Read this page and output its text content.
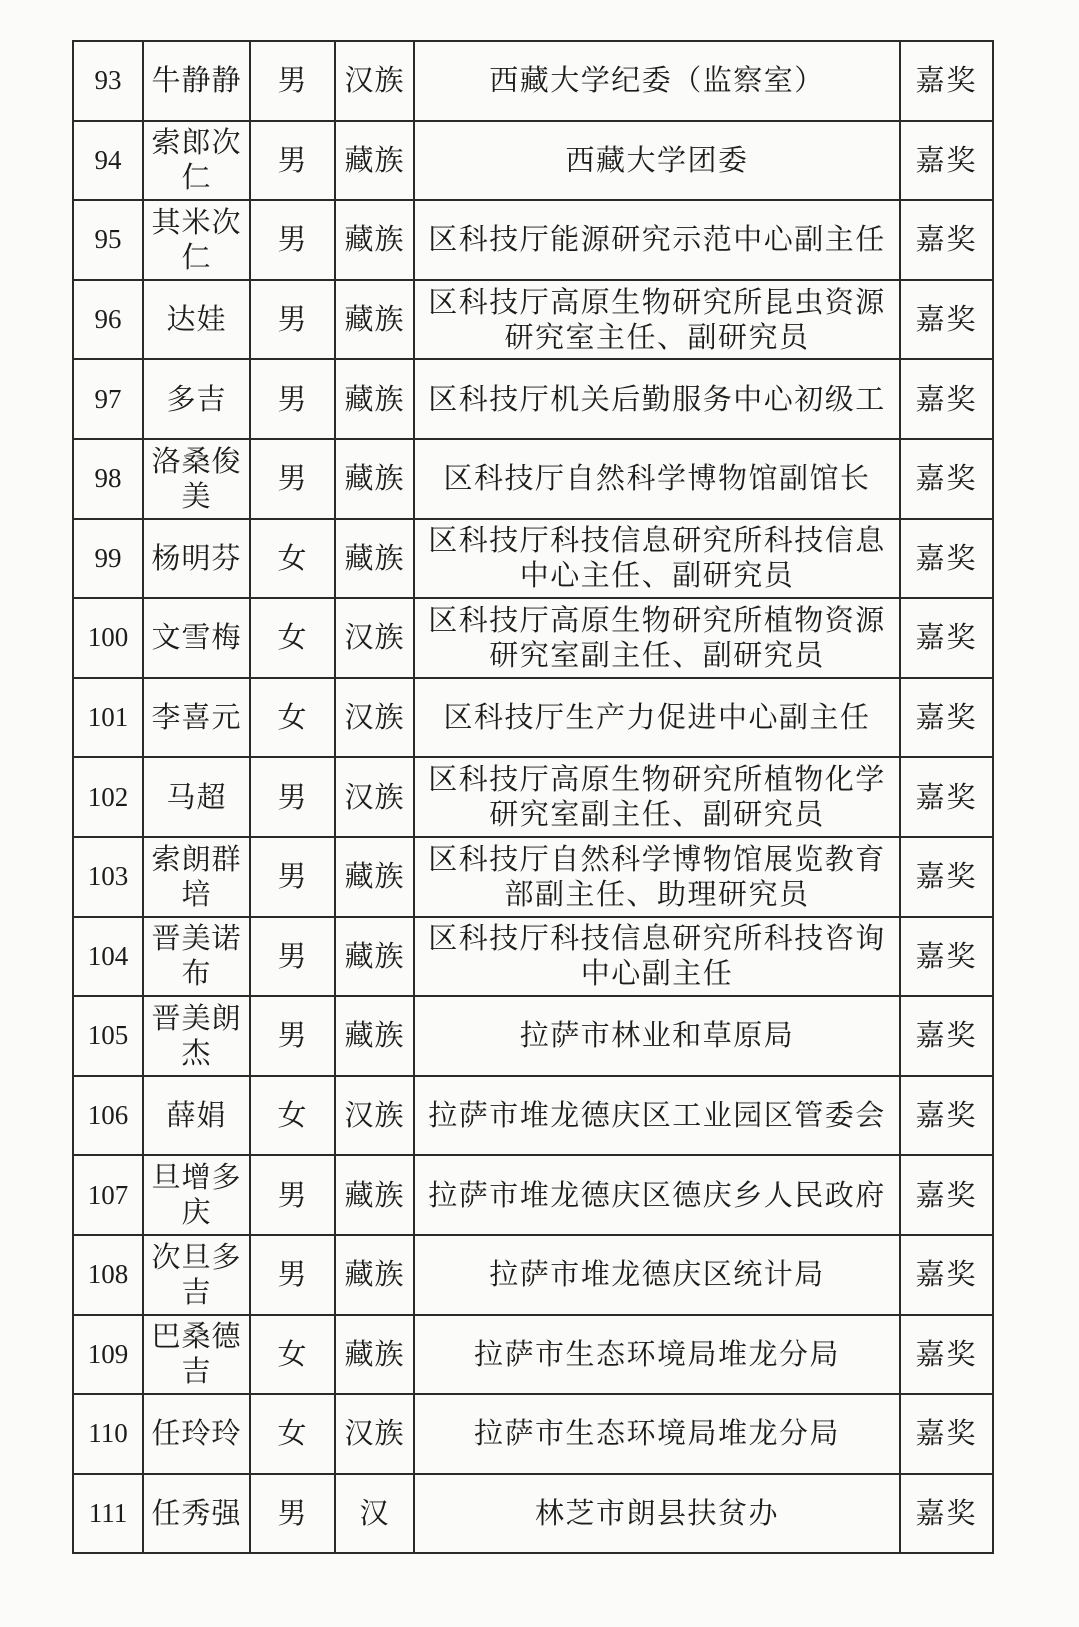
93	牛静静	男	汉族	西藏大学纪委（监察室）	嘉奖
94	索郎次仁	男	藏族	西藏大学团委	嘉奖
95	其米次仁	男	藏族	区科技厅能源研究示范中心副主任	嘉奖
96	达娃	男	藏族	区科技厅高原生物研究所昆虫资源研究室主任、副研究员	嘉奖
97	多吉	男	藏族	区科技厅机关后勤服务中心初级工	嘉奖
98	洛桑俊美	男	藏族	区科技厅自然科学博物馆副馆长	嘉奖
99	杨明芬	女	藏族	区科技厅科技信息研究所科技信息中心主任、副研究员	嘉奖
100	文雪梅	女	汉族	区科技厅高原生物研究所植物资源研究室副主任、副研究员	嘉奖
101	李喜元	女	汉族	区科技厅生产力促进中心副主任	嘉奖
102	马超	男	汉族	区科技厅高原生物研究所植物化学研究室副主任、副研究员	嘉奖
103	索朗群培	男	藏族	区科技厅自然科学博物馆展览教育部副主任、助理研究员	嘉奖
104	晋美诺布	男	藏族	区科技厅科技信息研究所科技咨询中心副主任	嘉奖
105	晋美朗杰	男	藏族	拉萨市林业和草原局	嘉奖
106	薛娟	女	汉族	拉萨市堆龙德庆区工业园区管委会	嘉奖
107	旦增多庆	男	藏族	拉萨市堆龙德庆区德庆乡人民政府	嘉奖
108	次旦多吉	男	藏族	拉萨市堆龙德庆区统计局	嘉奖
109	巴桑德吉	女	藏族	拉萨市生态环境局堆龙分局	嘉奖
110	任玲玲	女	汉族	拉萨市生态环境局堆龙分局	嘉奖
111	任秀强	男	汉	林芝市朗县扶贫办	嘉奖
